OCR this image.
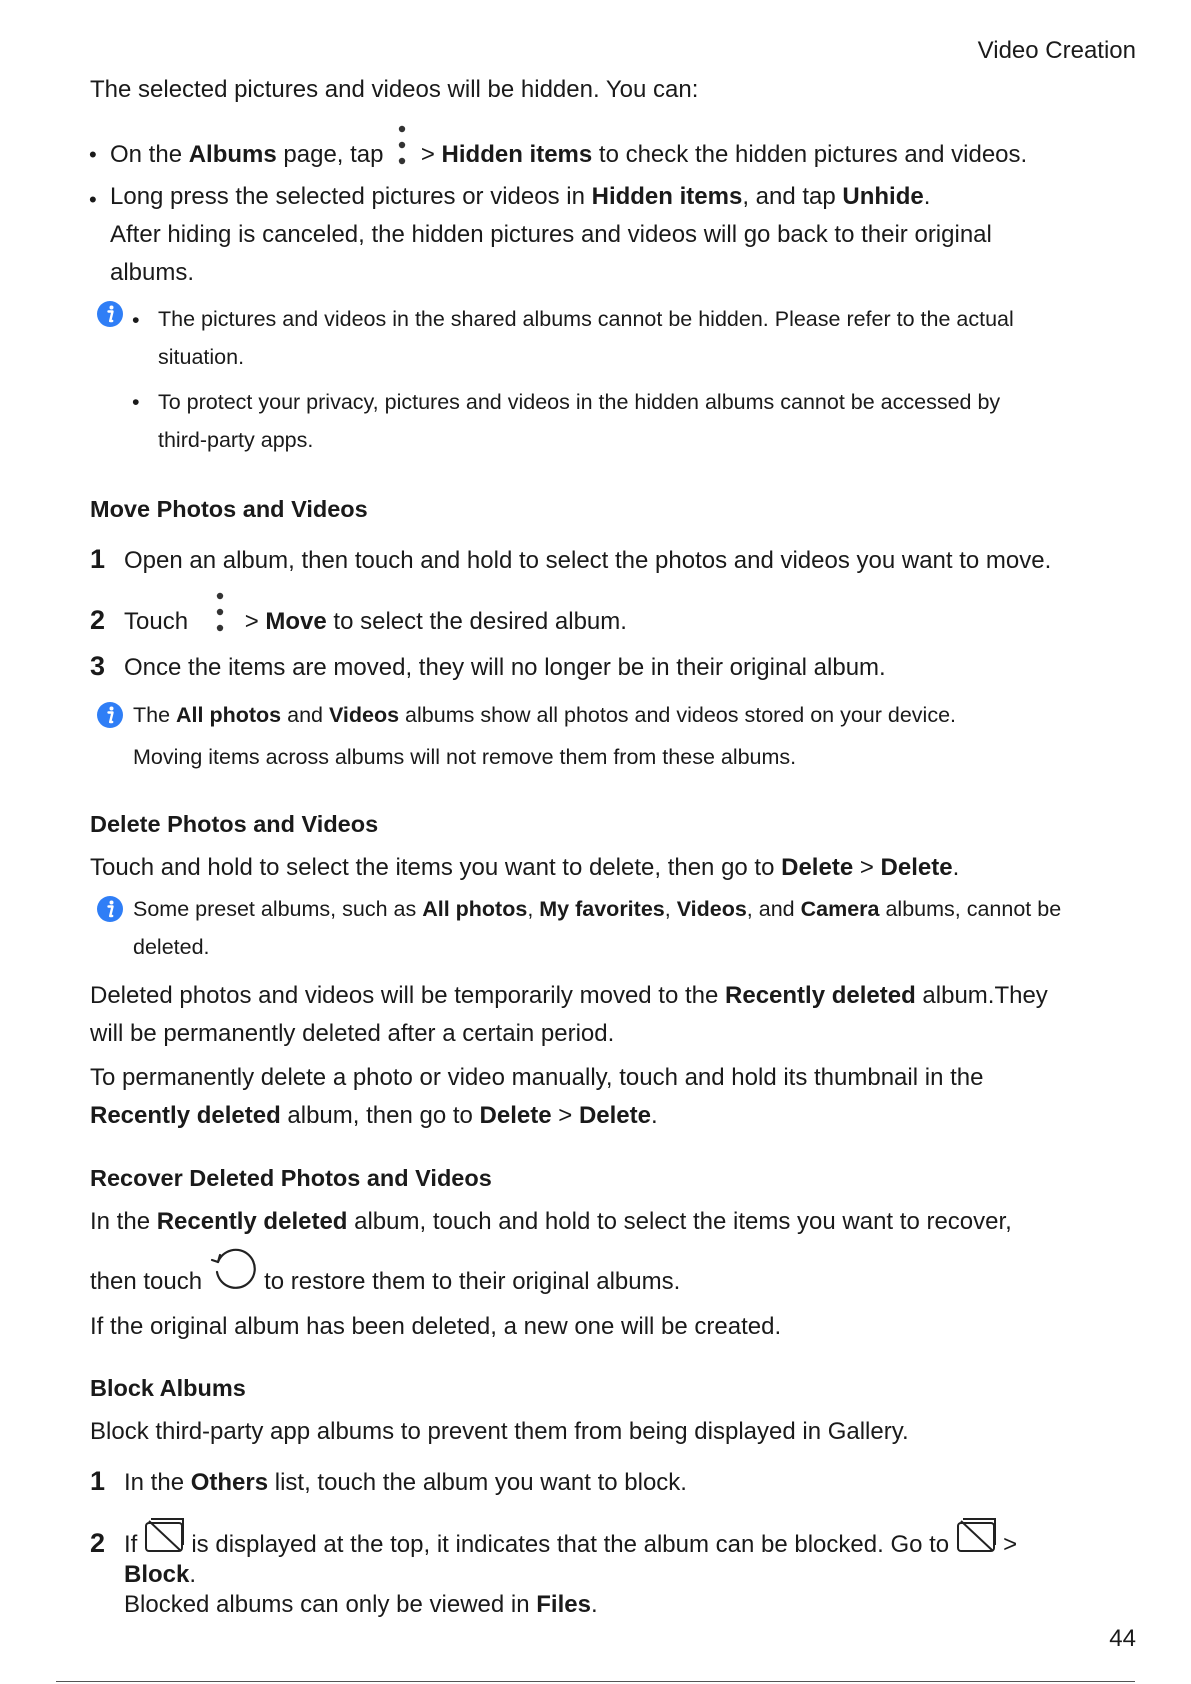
Video Creation
The selected pictures and videos will be hidden. You can:
• On the Albums page, tap  > Hidden items to check the hidden pictures and videos.
• Long press the selected pictures or videos in Hidden items, and tap Unhide.
After hiding is canceled, the hidden pictures and videos will go back to their original
albums.
• The pictures and videos in the shared albums cannot be hidden. Please refer to the actual
situation.
• To protect your privacy, pictures and videos in the hidden albums cannot be accessed by
third-party apps.
Move Photos and Videos
1 Open an album, then touch and hold to select the photos and videos you want to move.
2 Touch > Move to select the desired album.
3 Once the items are moved, they will no longer be in their original album.
The All photos and Videos albums show all photos and videos stored on your device.
Moving items across albums will not remove them from these albums.
Delete Photos and Videos
Touch and hold to select the items you want to delete, then go to Delete > Delete.
Some preset albums, such as All photos, My favorites, Videos, and Camera albums, cannot be
deleted.
Deleted photos and videos will be temporarily moved to the Recently deleted album.They
will be permanently deleted after a certain period.
To permanently delete a photo or video manually, touch and hold its thumbnail in the
Recently deleted album, then go to Delete > Delete.
Recover Deleted Photos and Videos
In the Recently deleted album, touch and hold to select the items you want to recover,
then touch	to restore them to their original albums.
If the original album has been deleted, a new one will be created.
Block Albums
Block third-party app albums to prevent them from being displayed in Gallery.
1 In the Others list, touch the album you want to block.
2 If is displayed at the top, it indicates that the album can be blocked. Go to >
Block.
Blocked albums can only be viewed in Files.
44
